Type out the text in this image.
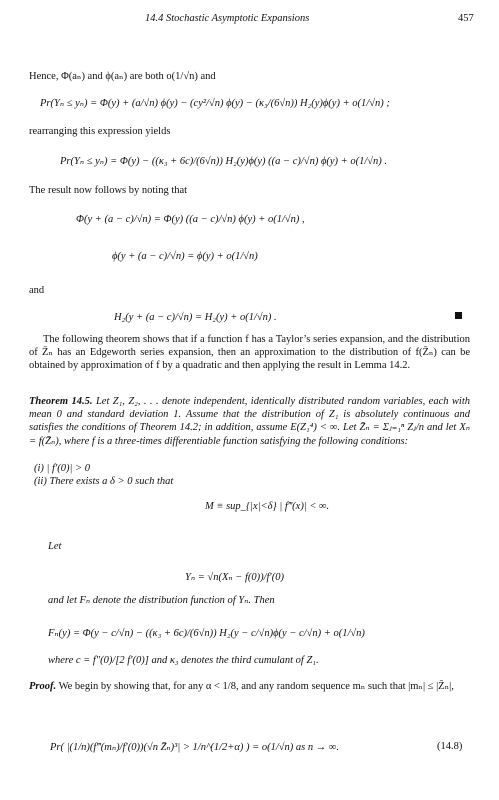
14.4 Stochastic Asymptotic Expansions	457
Hence, Φ(aₙ) and ϕ(aₙ) are both o(1/√n) and
Pr(Yₙ ≤ yₙ) = Φ(y) + (a/√n) ϕ(y) − (cy²/√n) ϕ(y) − (κ₃/(6√n)) H₂(y)ϕ(y) + o(1/√n) ;
rearranging this expression yields
Pr(Yₙ ≤ yₙ) = Φ(y) − ((κ₃ + 6c)/(6√n)) H₂(y)ϕ(y) ((a − c)/√n) ϕ(y) + o(1/√n) .
The result now follows by noting that
Φ(y + (a − c)/√n) = Φ(y) ((a − c)/√n) ϕ(y) + o(1/√n) ,
ϕ(y + (a − c)/√n) = ϕ(y) + o(1/√n)
and
H₂(y + (a − c)/√n) = H₂(y) + o(1/√n) .
The following theorem shows that if a function f has a Taylor’s series expansion, and the distribution of Z̄ₙ has an Edgeworth series expansion, then an approximation to the distribution of f(Z̄ₙ) can be obtained by approximation of f by a quadratic and then applying the result in Lemma 14.2.
Theorem 14.5. Let Z₁, Z₂, . . . denote independent, identically distributed random variables, each with mean 0 and standard deviation 1. Assume that the distribution of Z₁ is absolutely continuous and satisfies the conditions of Theorem 14.2; in addition, assume E(Z₁⁴) < ∞. Let Z̄ₙ = Σⱼ₌₁ⁿ Zⱼ/n and let Xₙ = f(Z̄ₙ), where f is a three-times differentiable function satisfying the following conditions:
(i) | f′(0)| > 0
(ii) There exists a δ > 0 such that
M ≡ sup_{|x|<δ} | f‴(x)| < ∞.
Let
Yₙ = √n(Xₙ − f(0))/f′(0)
and let Fₙ denote the distribution function of Yₙ. Then
Fₙ(y) = Φ(y − c/√n) − ((κ₃ + 6c)/(6√n)) H₂(y − c/√n)ϕ(y − c/√n) + o(1/√n)
where c = f″(0)/[2 f′(0)] and κ₃ denotes the third cumulant of Z₁.
Proof. We begin by showing that, for any α < 1/8, and any random sequence mₙ such that |mₙ| ≤ |Z̄ₙ|,
Pr( |(1/n)(f‴(mₙ)/f′(0))(√n Z̄ₙ)³| > 1/n^(1/2+α) ) = o(1/√n) as n → ∞.	(14.8)
